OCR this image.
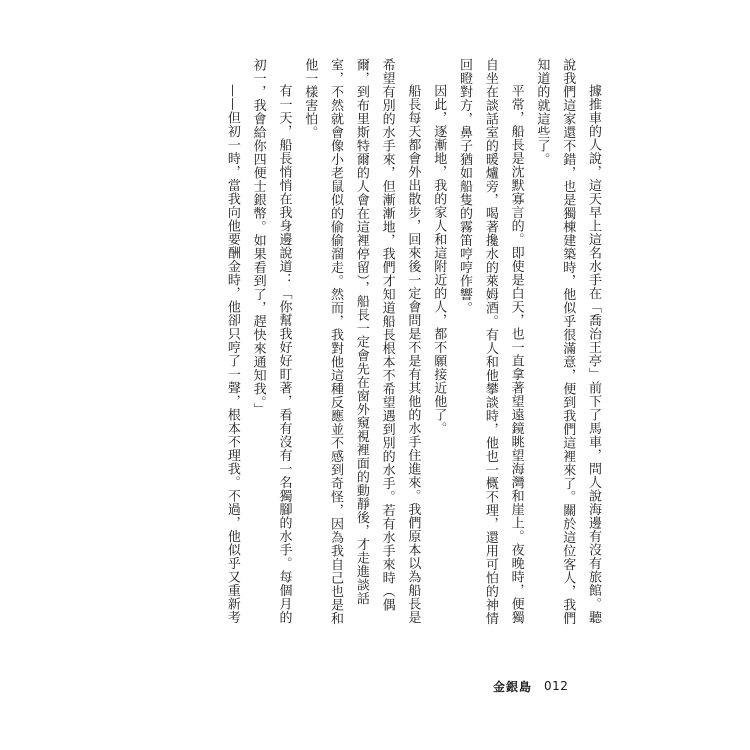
據推車的人說，這天早上這名水手在「喬治王亭」前下了馬車，問人說海邊有沒有旅館。聽說我們這家還不錯，也是獨棟建築時，他似乎很滿意，便到我們這裡來了。關於這位客人，我們知道的就這些了。

平常，船長是沈默寡言的。即使是白天，也一直拿著望遠鏡眺望海灣和崖上。夜晚時，便獨自坐在談話室的暖爐旁，喝著攙水的萊姆酒。有人和他攀談時，他也一概不理，還用可怕的神情回瞪對方，鼻子猶如船隻的霧笛哼哼作響。

因此，逐漸地，我的家人和這附近的人，都不願接近他了。

船長每天都會外出散步，回來後一定會問是不是有其他的水手住進來。我們原本以為船長是希望有別的水手來，但漸漸地，我們才知道船長根本不希望遇到別的水手。若有水手來時（偶爾，到布里斯特爾的人會在這裡停留），船長一定會先在窗外窺視裡面的動靜後，才走進談話室，不然就會像小老鼠似的偷偷溜走。然而，我對他這種反應並不感到奇怪，因為我自己也是和他一樣害怕。

有一天，船長悄悄在我身邊說道：「你幫我好好盯著，看有沒有一名獨腳的水手。每個月的初一，我會給你四便士銀幣。如果看到了，趕快來通知我。」

——但初一時，當我向他要酬金時，他卻只哼了一聲，根本不理我。不過，他似乎又重新考

金銀島 012
